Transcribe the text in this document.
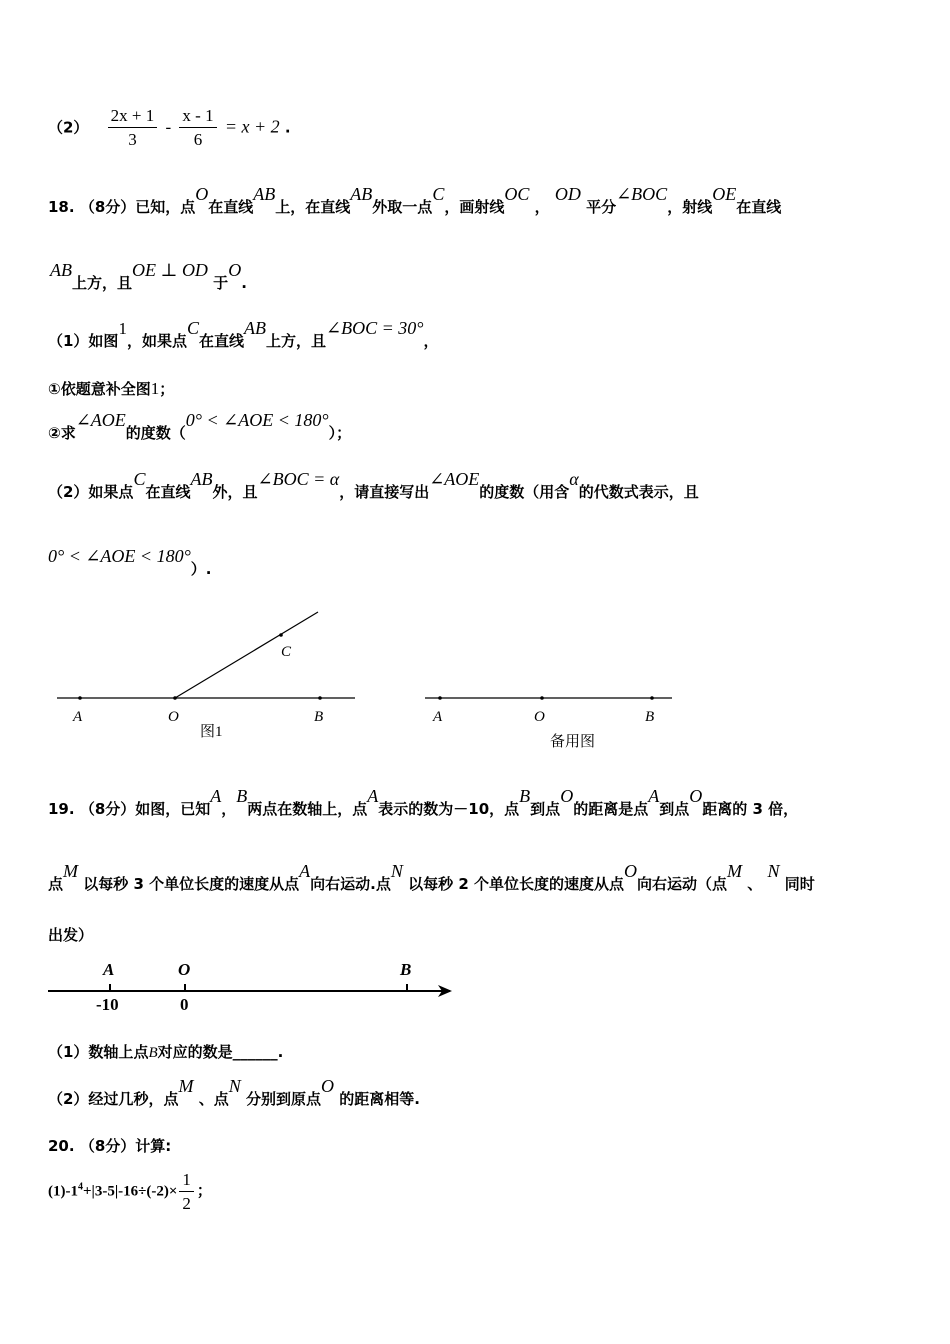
$(2) \frac{2x + 1}{3} - \frac{x - 1}{6} = x + 2$ .
18. （8分）已知，点O在直线AB上，在直线AB外取一点C，画射线OC ， OD 平分∠BOC，射线OE在直线
AB上方，且OE ⊥ OD 于O.
（1）如图1，如果点C在直线AB上方，且∠BOC = 30°，
①依题意补全图1；
②求∠AOE的度数（0° < ∠AOE < 180°）；
（2）如果点C在直线AB外，且∠BOC = α，请直接写出∠AOE的度数（用含α的代数式表示，且
0° < ∠AOE < 180°）.
A	O	B
C
图1
A	O	B
备用图
19. （8分）如图，已知A，B两点在数轴上，点A表示的数为－10，点B到点O的距离是点A到点O距离的 3 倍，
点M 以每秒 3 个单位长度的速度从点A向右运动.点N 以每秒 2 个单位长度的速度从点O向右运动（点M 、 N 同时
出发）
A	O	B
-10	0
（1）数轴上点B对应的数是______.
（2）经过几秒，点M 、点N 分别到原点O 的距离相等.
20. （8分）计算:
$(1)-1^4+|3-5|-16\div(-2)\times \frac{1}{2}$ ；
